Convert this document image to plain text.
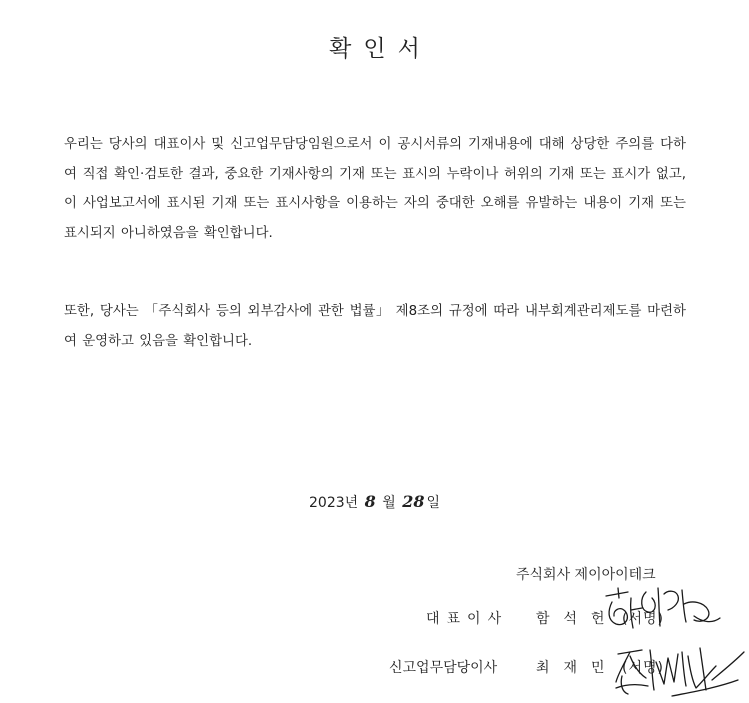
확인서
우리는 당사의 대표이사 및 신고업무담당임원으로서 이 공시서류의 기재내용에 대해 상당한 주의를 다하여 직접 확인·검토한 결과, 중요한 기재사항의 기재 또는 표시의 누락이나 허위의 기재 또는 표시가 없고, 이 사업보고서에 표시된 기재 또는 표시사항을 이용하는 자의 중대한 오해를 유발하는 내용이 기재 또는 표시되지 아니하였음을 확인합니다.
또한, 당사는 「주식회사 등의 외부감사에 관한 법률」 제8조의 규정에 따라 내부회계관리제도를 마련하여 운영하고 있음을 확인합니다.
2023년 8 월 28 일
주식회사 제이아이테크
대표이사 함석헌 (서명)
신고업무담당이사	최재민 (서명)
